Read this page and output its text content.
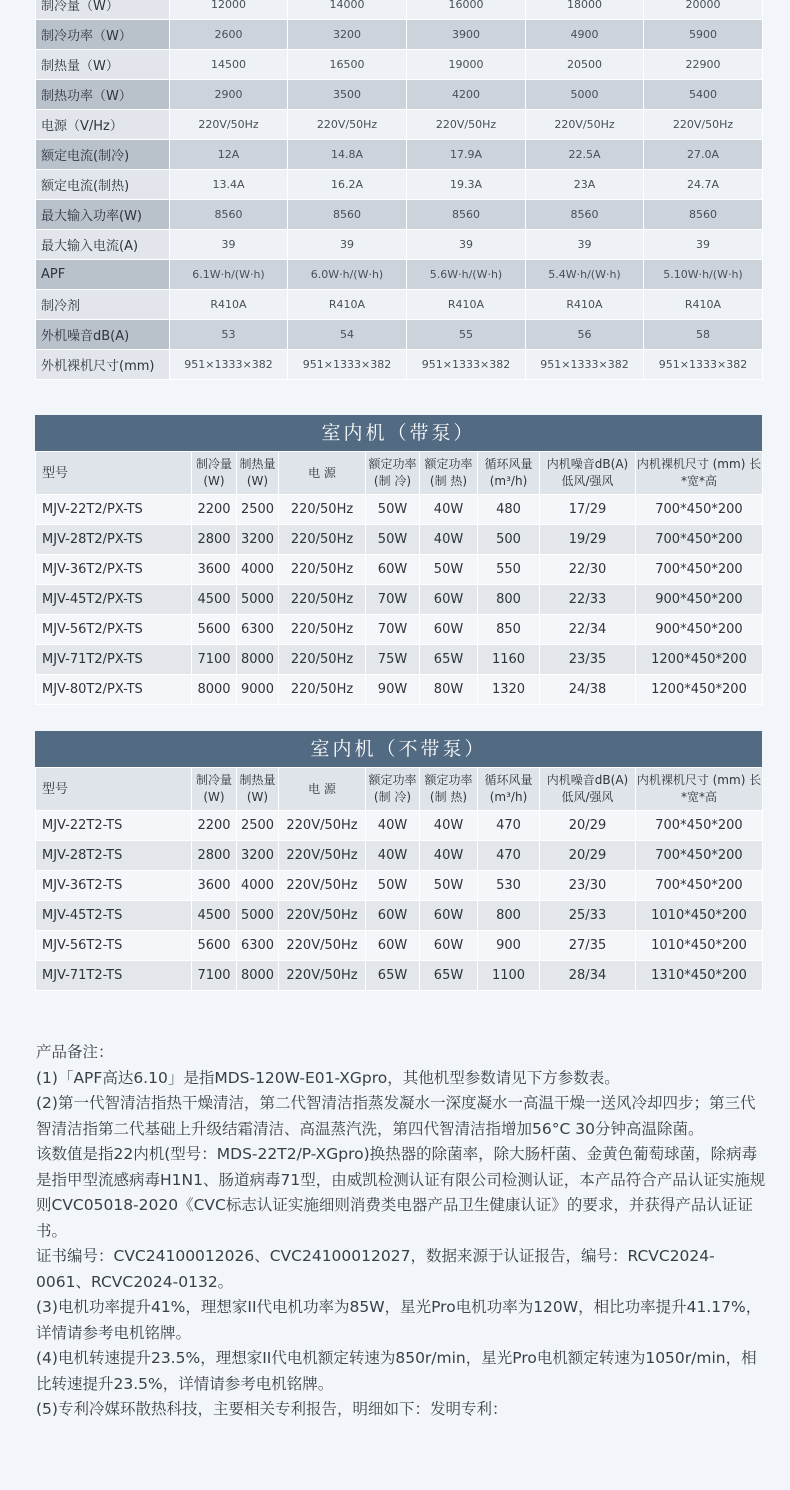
制冷量（W）	12000	14000	16000	18000	20000
制冷功率（W）	2600	3200	3900	4900	5900
制热量（W）	14500	16500	19000	20500	22900
制热功率（W）	2900	3500	4200	5000	5400
电源（V/Hz）	220V/50Hz	220V/50Hz	220V/50Hz	220V/50Hz	220V/50Hz
额定电流(制冷)	12A	14.8A	17.9A	22.5A	27.0A
额定电流(制热)	13.4A	16.2A	19.3A	23A	24.7A
最大输入功率(W)	8560	8560	8560	8560	8560
最大输入电流(A)	39	39	39	39	39
APF	6.1W·h/(W·h)	6.0W·h/(W·h)	5.6W·h/(W·h)	5.4W·h/(W·h)	5.10W·h/(W·h)
制冷剂	R410A	R410A	R410A	R410A	R410A
外机噪音dB(A)	53	54	55	56	58
外机裸机尺寸(mm)	951×1333×382	951×1333×382	951×1333×382	951×1333×382	951×1333×382
室内机（带泵）
型号	制冷量 (W)	制热量 (W)	电 源	额定功率 (制 冷)	额定功率 (制 热)	循环风量 (m³/h)	内机噪音dB(A) 低风/强风	内机裸机尺寸 (mm) 长*宽*高
MJV-22T2/PX-TS	2200	2500	220/50Hz	50W	40W	480	17/29	700*450*200
MJV-28T2/PX-TS	2800	3200	220/50Hz	50W	40W	500	19/29	700*450*200
MJV-36T2/PX-TS	3600	4000	220/50Hz	60W	50W	550	22/30	700*450*200
MJV-45T2/PX-TS	4500	5000	220/50Hz	70W	60W	800	22/33	900*450*200
MJV-56T2/PX-TS	5600	6300	220/50Hz	70W	60W	850	22/34	900*450*200
MJV-71T2/PX-TS	7100	8000	220/50Hz	75W	65W	1160	23/35	1200*450*200
MJV-80T2/PX-TS	8000	9000	220/50Hz	90W	80W	1320	24/38	1200*450*200
室内机（不带泵）
型号	制冷量 (W)	制热量 (W)	电 源	额定功率 (制 冷)	额定功率 (制 热)	循环风量 (m³/h)	内机噪音dB(A) 低风/强风	内机裸机尺寸 (mm) 长*宽*高
MJV-22T2-TS	2200	2500	220V/50Hz	40W	40W	470	20/29	700*450*200
MJV-28T2-TS	2800	3200	220V/50Hz	40W	40W	470	20/29	700*450*200
MJV-36T2-TS	3600	4000	220V/50Hz	50W	50W	530	23/30	700*450*200
MJV-45T2-TS	4500	5000	220V/50Hz	60W	60W	800	25/33	1010*450*200
MJV-56T2-TS	5600	6300	220V/50Hz	60W	60W	900	27/35	1010*450*200
MJV-71T2-TS	7100	8000	220V/50Hz	65W	65W	1100	28/34	1310*450*200

产品备注：

(1)「APF高达6.10」是指MDS-120W-E01-XGpro，其他机型参数请见下方参数表。

(2)第一代智清洁指热干燥清洁，第二代智清洁指蒸发凝水一深度凝水一高温干燥一送风冷却四步；第三代智清洁指第二代基础上升级结霜清洁、高温蒸汽洗，第四代智清洁指增加56°C 30分钟高温除菌。

该数值是指22内机(型号：MDS-22T2/P-XGpro)换热器的除菌率，除大肠杆菌、金黄色葡萄球菌，除病毒是指甲型流感病毒H1N1、肠道病毒71型，由威凯检测认证有限公司检测认证，本产品符合产品认证实施规则CVC05018-2020《CVC标志认证实施细则消费类电器产品卫生健康认证》的要求，并获得产品认证证书。

证书编号：CVC24100012026、CVC24100012027，数据来源于认证报告，编号：RCVC2024-0061、RCVC2024-0132。

(3)电机功率提升41%，理想家II代电机功率为85W，星光Pro电机功率为120W，相比功率提升41.17%，详情请参考电机铭牌。

(4)电机转速提升23.5%，理想家II代电机额定转速为850r/min，星光Pro电机额定转速为1050r/min，相比转速提升23.5%，详情请参考电机铭牌。

(5)专利冷媒环散热科技，主要相关专利报告，明细如下：发明专利：
